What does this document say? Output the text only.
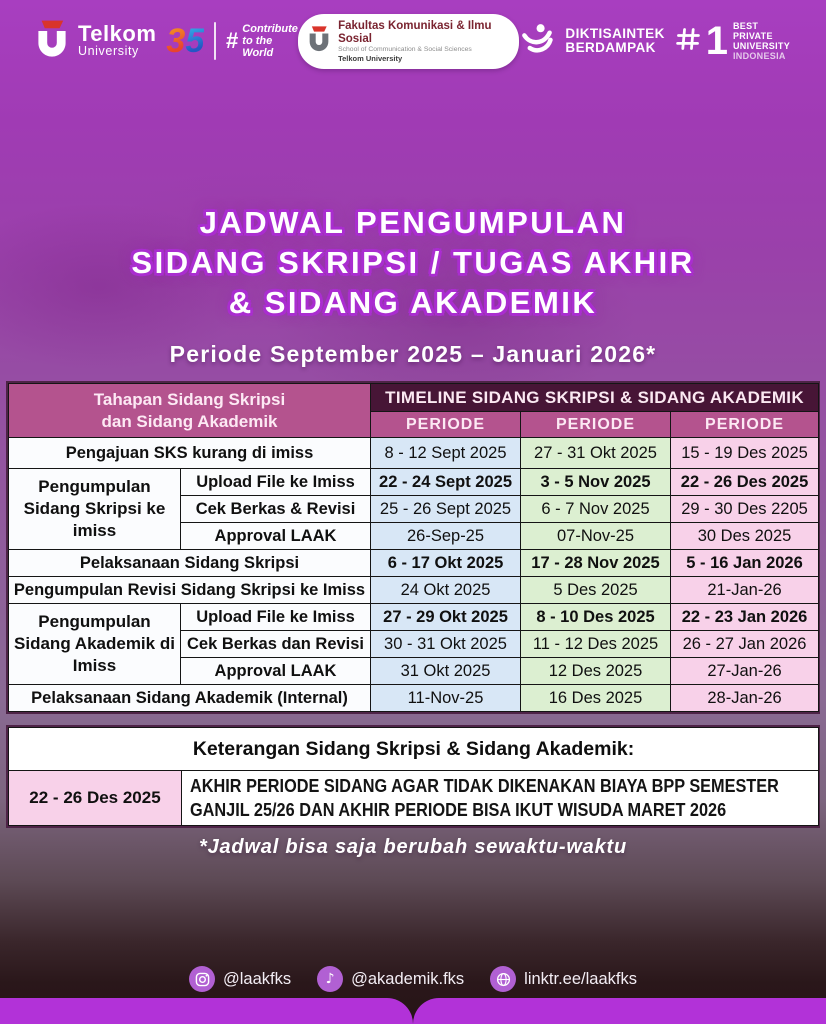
Telkom
University 35 # Contribute
to the World
Fakultas Komunikasi & Ilmu Sosial
School of Communication & Social Sciences
Telkom University
DIKTISAINTEK
BERDAMPAK 1 BEST PRIVATE
UNIVERSITY
INDONESIA
JADWAL PENGUMPULAN
SIDANG SKRIPSI / TUGAS AKHIR
& SIDANG AKADEMIK
Periode September 2025 – Januari 2026*
Tahapan Sidang Skripsi
dan Sidang Akademik		TIMELINE SIDANG SKRIPSI & SIDANG AKADEMIK		
		PERIODE	PERIODE	PERIODE
Pengajuan SKS kurang di imiss		8 - 12 Sept 2025	27 - 31 Okt 2025	15 - 19 Des 2025
Pengumpulan Sidang Skripsi ke imiss	Upload File ke Imiss	22 - 24 Sept 2025	3 - 5 Nov 2025	22 - 26 Des 2025
	Cek Berkas & Revisi	25 - 26 Sept 2025	6 - 7 Nov 2025	29 - 30 Des 2205
	Approval LAAK	26-Sep-25	07-Nov-25	30 Des 2025
Pelaksanaan Sidang Skripsi		6 - 17 Okt 2025	17 - 28 Nov 2025	5 - 16 Jan 2026
Pengumpulan Revisi Sidang Skripsi ke Imiss		24 Okt 2025	5 Des 2025	21-Jan-26
Pengumpulan Sidang Akademik di Imiss	Upload File ke Imiss	27 - 29 Okt 2025	8 - 10 Des 2025	22 - 23 Jan 2026
	Cek Berkas dan Revisi	30 - 31 Okt 2025	11 - 12 Des 2025	26 - 27 Jan 2026
	Approval LAAK	31 Okt 2025	12 Des 2025	27-Jan-26
Pelaksanaan Sidang Akademik (Internal)		11-Nov-25	16 Des 2025	28-Jan-26
Keterangan Sidang Skripsi & Sidang Akademik:
22 - 26 Des 2025	
AKHIR PERIODE SIDANG AGAR TIDAK DIKENAKAN BIAYA BPP SEMESTER
GANJIL 25/26 DAN AKHIR PERIODE BISA IKUT WISUDA MARET 2026
*Jadwal bisa saja berubah sewaktu-waktu
@laakfks ♪ @akademik.fks	linktr.ee/laakfks
